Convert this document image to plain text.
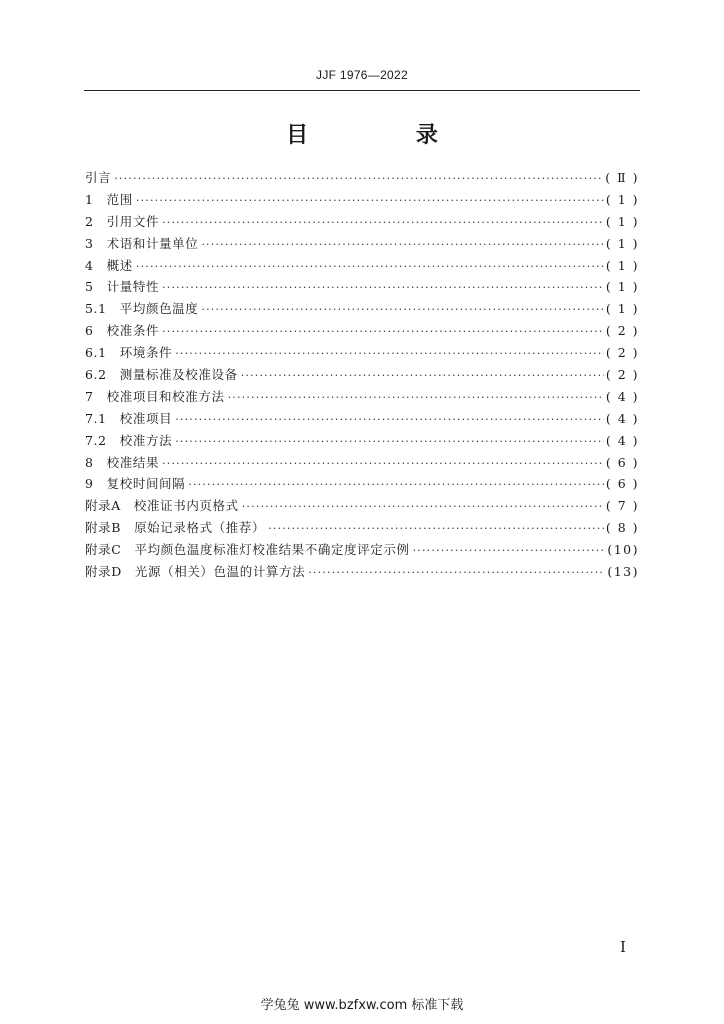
JJF 1976—2022
目 录
引言 ·····	( Ⅱ )
1　范围 ·····	( 1 )
2　引用文件 ·····	( 1 )
3　术语和计量单位 ·····	( 1 )
4　概述 ·····	( 1 )
5　计量特性 ·····	( 1 )
5.1　平均颜色温度 ·····	( 1 )
6　校准条件 ·····	( 2 )
6.1　环境条件 ·····	( 2 )
6.2　测量标准及校准设备 ·····	( 2 )
7　校准项目和校准方法 ·····	( 4 )
7.1　校准项目 ·····	( 4 )
7.2　校准方法 ·····	( 4 )
8　校准结果 ·····	( 6 )
9　复校时间间隔 ·····	( 6 )
附录A　校准证书内页格式 ·····	( 7 )
附录B　原始记录格式（推荐） ·····	( 8 )
附录C　平均颜色温度标准灯校准结果不确定度评定示例 ·····	(10)
附录D　光源（相关）色温的计算方法 ·····	(13)
I
学兔兔 www.bzfxw.com 标准下载
